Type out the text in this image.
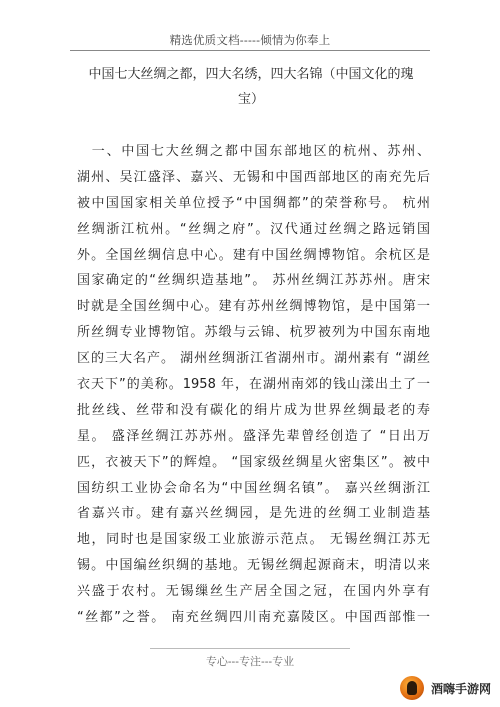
精选优质文档-----倾情为你奉上
中国七大丝绸之都，四大名绣，四大名锦（中国文化的瑰
宝）
　一、中国七大丝绸之都中国东部地区的杭州、苏州、
湖州、吴江盛泽、嘉兴、无锡和中国西部地区的南充先后
被中国国家相关单位授予“中国绸都”的荣誉称号。 杭州
丝绸浙江杭州。“丝绸之府”。汉代通过丝绸之路远销国
外。全国丝绸信息中心。建有中国丝绸博物馆。余杭区是
国家确定的“丝绸织造基地”。 苏州丝绸江苏苏州。唐宋
时就是全国丝绸中心。建有苏州丝绸博物馆，是中国第一
所丝绸专业博物馆。苏缎与云锦、杭罗被列为中国东南地
区的三大名产。 湖州丝绸浙江省湖州市。湖州素有 “湖丝
衣天下”的美称。1958 年，在湖州南郊的钱山漾出土了一
批丝线、丝带和没有碳化的绢片成为世界丝绸最老的寿
星。 盛泽丝绸江苏苏州。盛泽先辈曾经创造了 “日出万
匹，衣被天下”的辉煌。 “国家级丝绸星火密集区”。被中
国纺织工业协会命名为“中国丝绸名镇”。 嘉兴丝绸浙江
省嘉兴市。建有嘉兴丝绸园，是先进的丝绸工业制造基
地，同时也是国家级工业旅游示范点。 无锡丝绸江苏无
锡。中国编丝织绸的基地。无锡丝绸起源商末，明清以来
兴盛于农村。无锡缫丝生产居全国之冠，在国内外享有
“丝都”之誉。 南充丝绸四川南充嘉陵区。中国西部惟一
专心---专注---专业
酒嗨手游网
